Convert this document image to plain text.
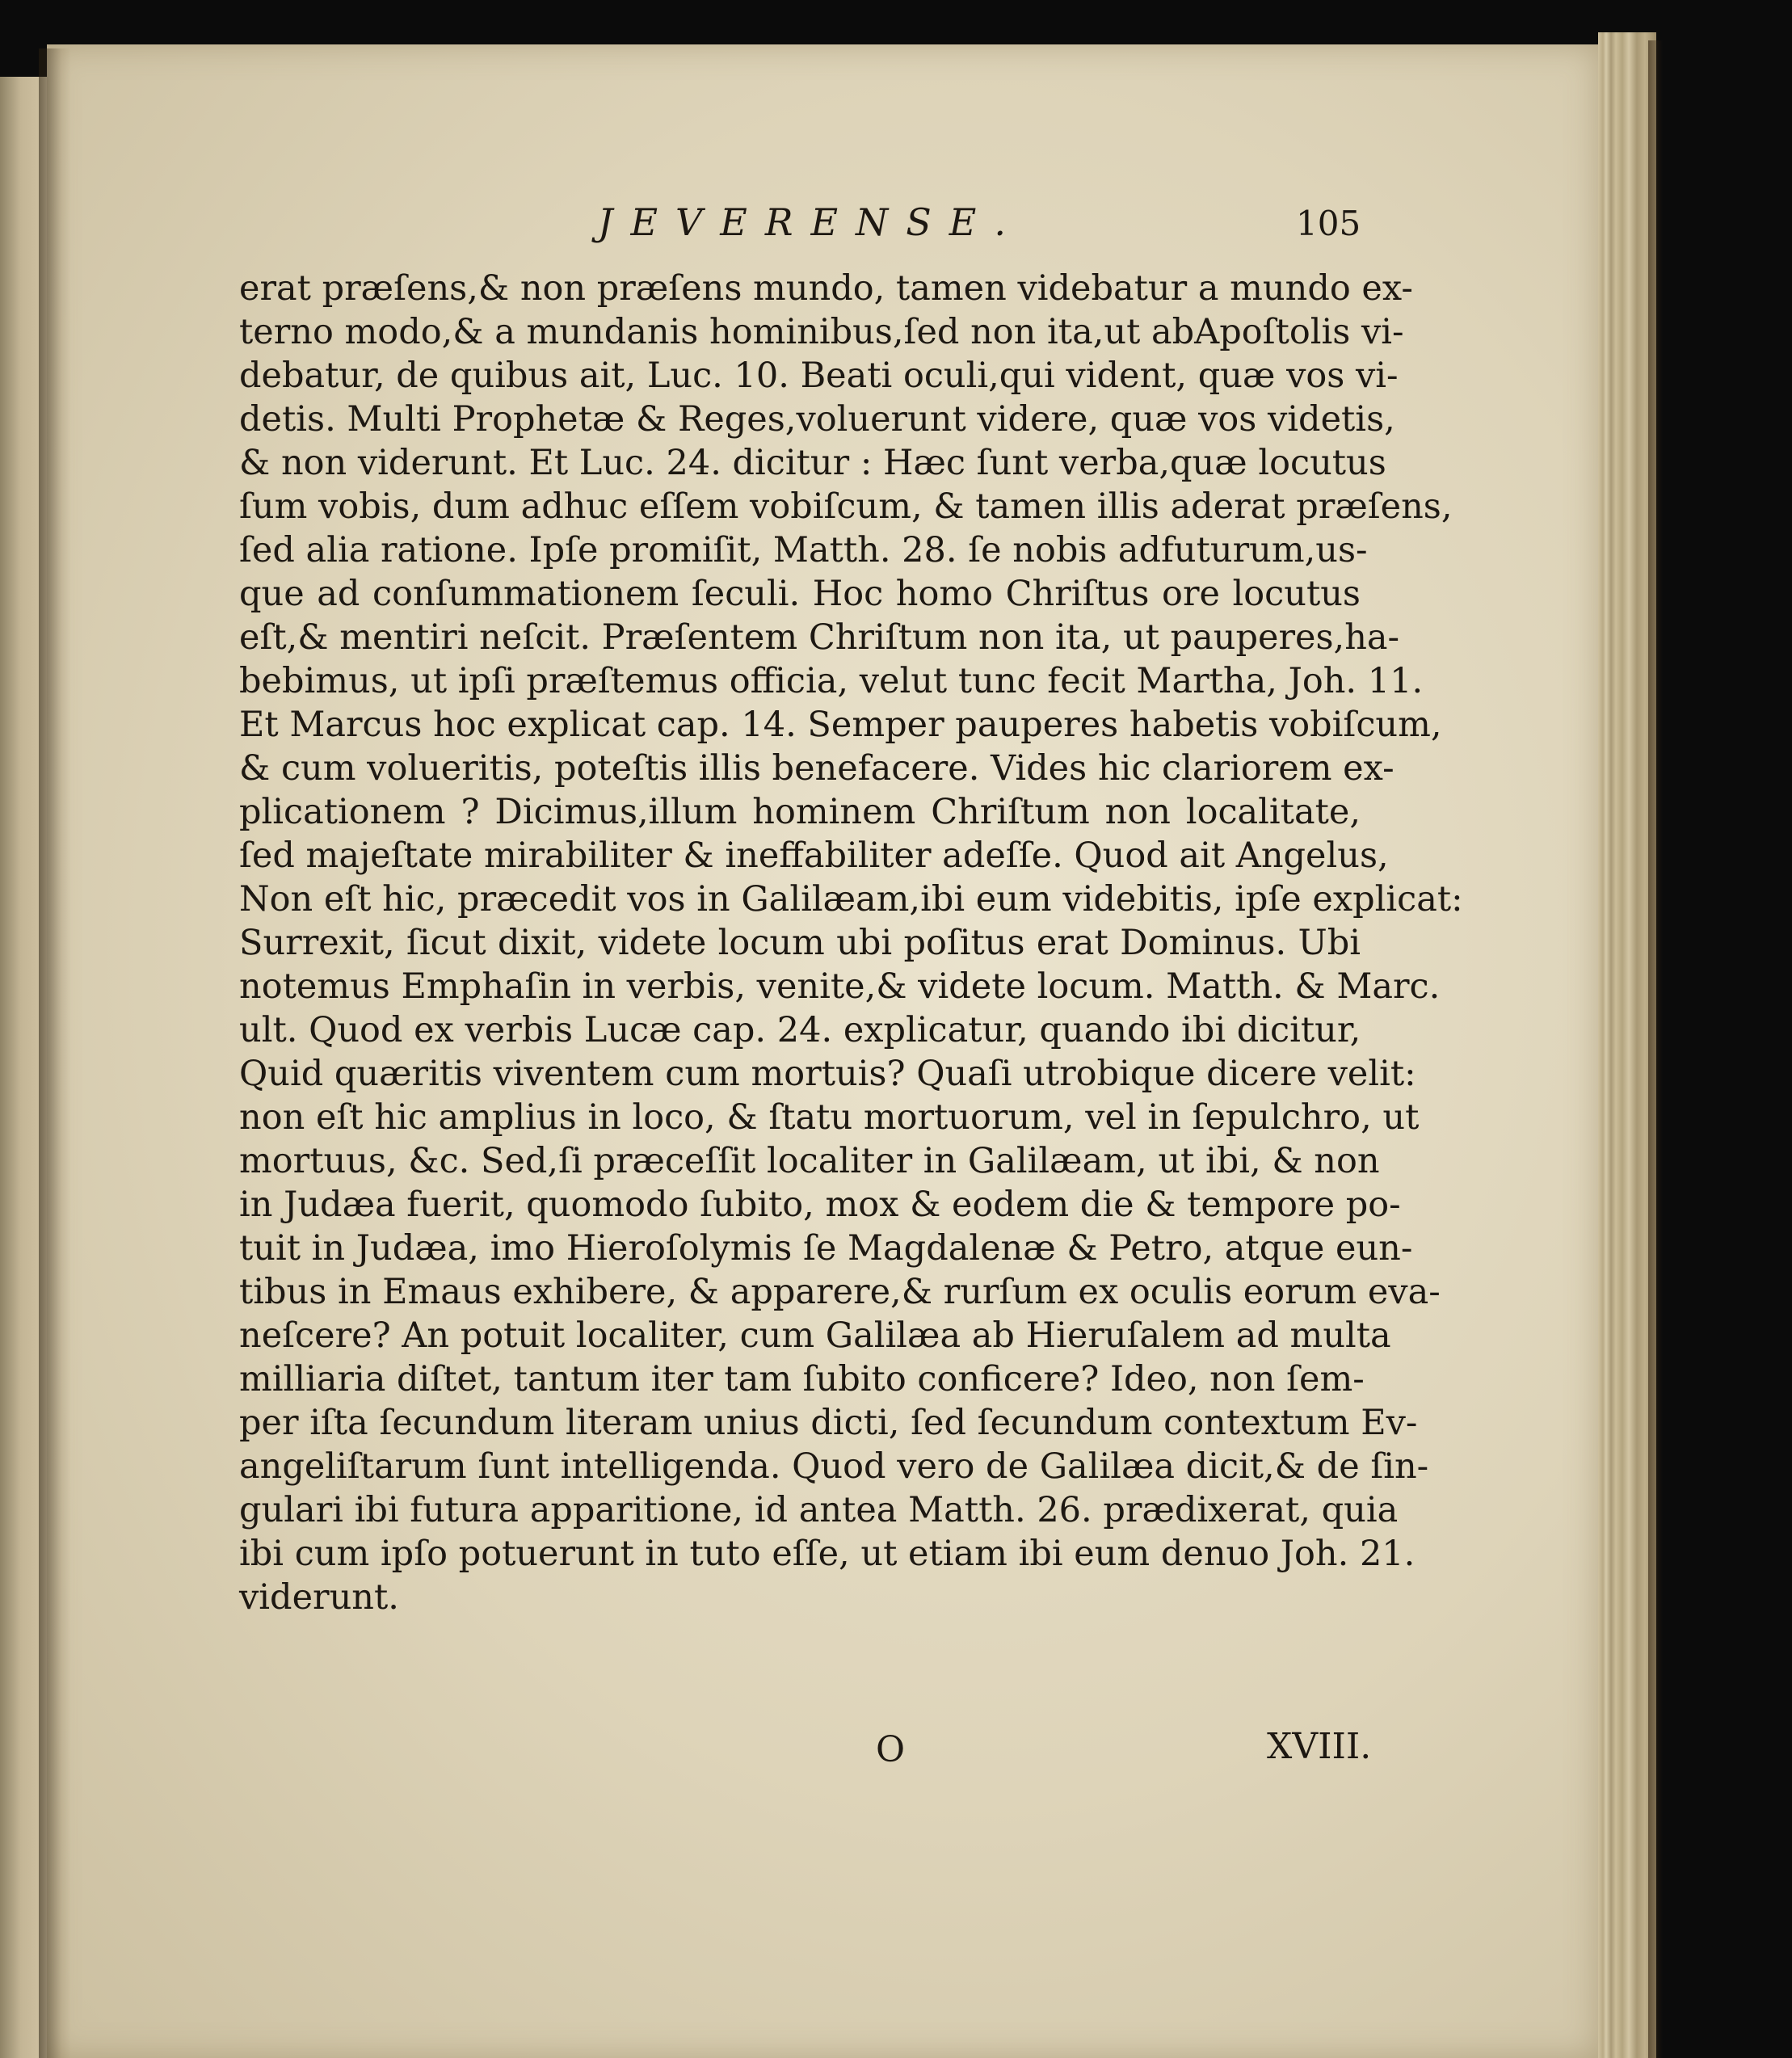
JEVERENSE.	105

erat præſens,& non præſens mundo, tamen videbatur a mundo ex-

terno modo,& a mundanis hominibus,ſed non ita,ut abApoſtolis vi-

debatur, de quibus ait, Luc. 10. Beati oculi,qui vident, quæ vos vi-

detis. Multi Prophetæ & Reges,voluerunt videre, quæ vos videtis,

& non viderunt. Et Luc. 24. dicitur : Hæc ſunt verba,quæ locutus

ſum vobis, dum adhuc eſſem vobiſcum, & tamen illis aderat præſens,

ſed alia ratione. Ipſe promiſit, Matth. 28. ſe nobis adfuturum,us-

que ad conſummationem ſeculi. Hoc homo Chriſtus ore locutus

eſt,& mentiri neſcit. Præſentem Chriſtum non ita, ut pauperes,ha-

bebimus, ut ipſi præſtemus officia, velut tunc fecit Martha, Joh. 11.

Et Marcus hoc explicat cap. 14. Semper pauperes habetis vobiſcum,

& cum volueritis, poteſtis illis benefacere. Vides hic clariorem ex-

plicationem ? Dicimus,illum hominem Chriſtum non localitate,

ſed majeſtate mirabiliter & ineffabiliter adeſſe. Quod ait Angelus,

Non eſt hic, præcedit vos in Galilæam,ibi eum videbitis, ipſe explicat:

Surrexit, ſicut dixit, videte locum ubi poſitus erat Dominus. Ubi

notemus Emphaſin in verbis, venite,& videte locum. Matth. & Marc.

ult. Quod ex verbis Lucæ cap. 24. explicatur, quando ibi dicitur,

Quid quæritis viventem cum mortuis? Quaſi utrobique dicere velit:

non eſt hic amplius in loco, & ſtatu mortuorum, vel in ſepulchro, ut

mortuus, &c. Sed,ſi præceſſit localiter in Galilæam, ut ibi, & non

in Judæa fuerit, quomodo ſubito, mox & eodem die & tempore po-

tuit in Judæa, imo Hieroſolymis ſe Magdalenæ & Petro, atque eun-

tibus in Emaus exhibere, & apparere,& rurſum ex oculis eorum eva-

neſcere? An potuit localiter, cum Galilæa ab Hieruſalem ad multa

milliaria diſtet, tantum iter tam ſubito conficere? Ideo, non ſem-

per iſta ſecundum literam unius dicti, ſed ſecundum contextum Ev-

angeliſtarum ſunt intelligenda. Quod vero de Galilæa dicit,& de ſin-

gulari ibi futura apparitione, id antea Matth. 26. prædixerat, quia

ibi cum ipſo potuerunt in tuto eſſe, ut etiam ibi eum denuo Joh. 21.

viderunt.

O	XVIII.
